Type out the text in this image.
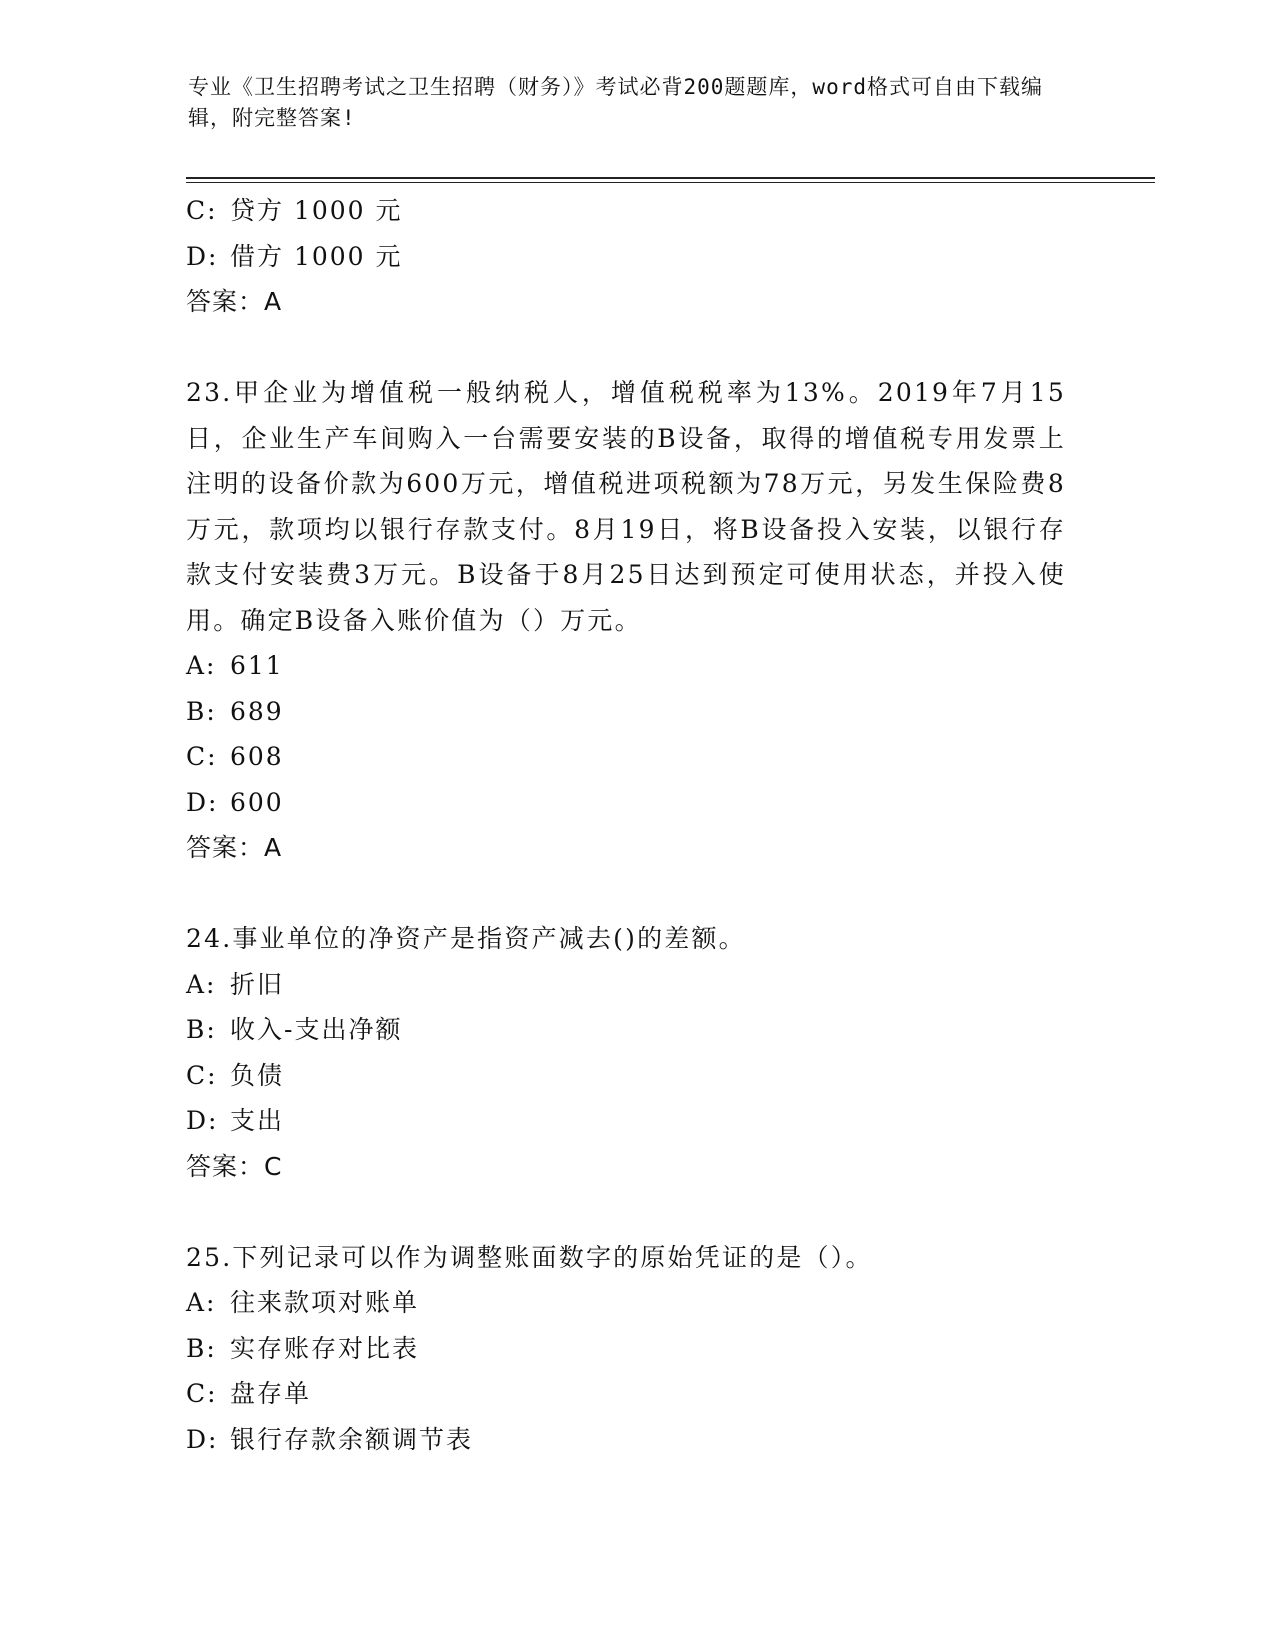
专业《卫生招聘考试之卫生招聘（财务）》考试必背200题题库，word格式可自由下载编辑，附完整答案!
C: 贷方 1000 元
D: 借方 1000 元
答案：A
23.甲企业为增值税一般纳税人，增值税税率为13%。2019年7月15日，企业生产车间购入一台需要安装的B设备，取得的增值税专用发票上注明的设备价款为600万元，增值税进项税额为78万元，另发生保险费8万元，款项均以银行存款支付。8月19日，将B设备投入安装，以银行存款支付安装费3万元。B设备于8月25日达到预定可使用状态，并投入使用。确定B设备入账价值为（）万元。
A: 611
B: 689
C: 608
D: 600
答案：A
24.事业单位的净资产是指资产减去()的差额。
A: 折旧
B: 收入-支出净额
C: 负债
D: 支出
答案：C
25.下列记录可以作为调整账面数字的原始凭证的是（）。
A: 往来款项对账单
B: 实存账存对比表
C: 盘存单
D: 银行存款余额调节表
